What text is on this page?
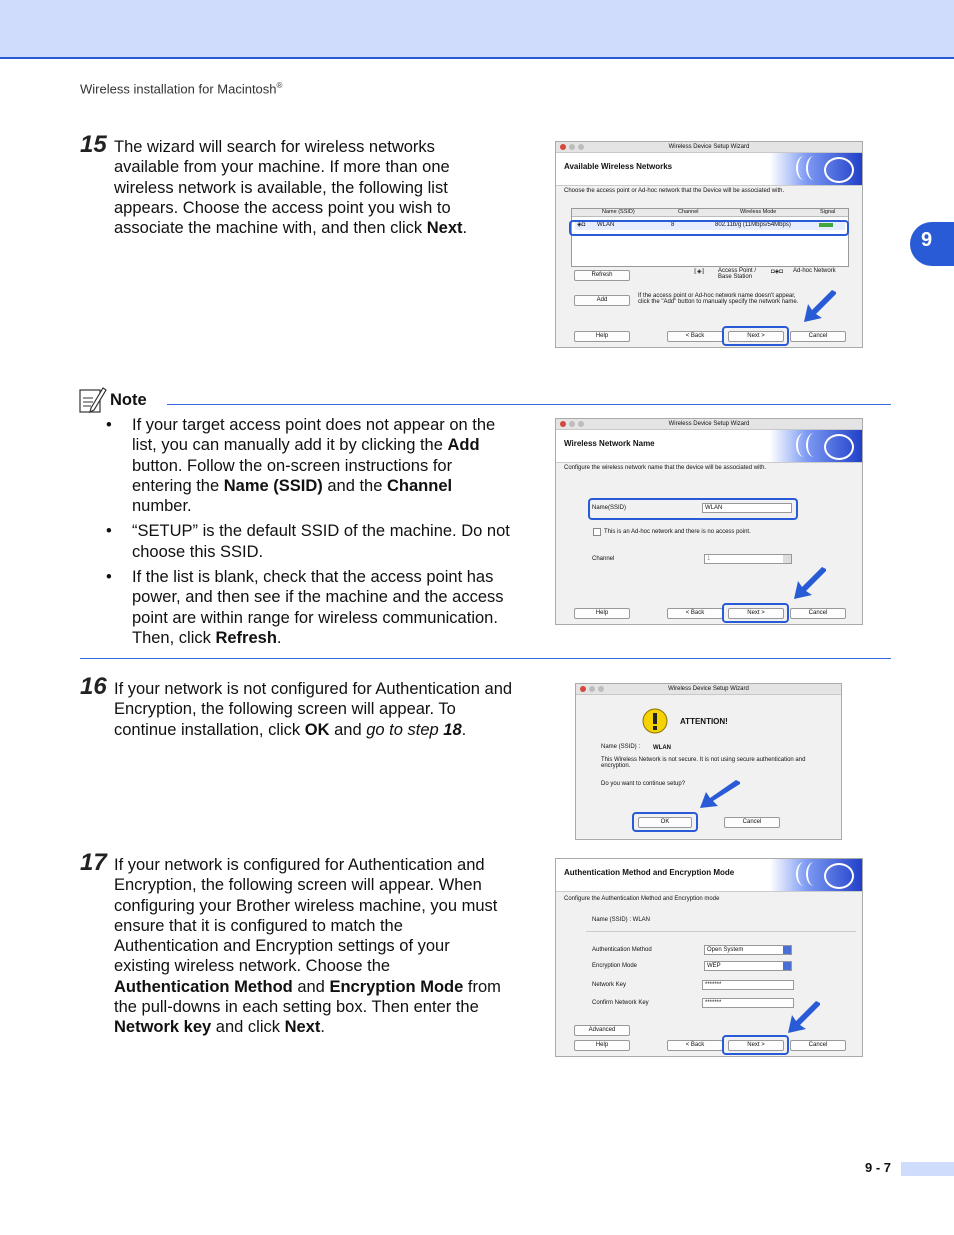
Wireless installation for Macintosh®
9
15 The wizard will search for wireless networks available from your machine. If more than one wireless network is available, the following list appears. Choose the access point you wish to associate the machine with, and then click Next.
Wireless Device Setup Wizard
Available Wireless Networks
Choose the access point or Ad-hoc network that the Device will be associated with.
Name (SSID)	Channel	Wireless Mode	Signal
◈◘ WLAN	8	802.11b/g (11Mbps/54Mbps)
Refresh	⟦◈⟧ Access Point / Base Station
◘◈◘ Ad-hoc Network
Add
If the access point or Ad-hoc network name doesn't appear, click the "Add" button to manually specify the network name.
Help	< Back	Next >	Cancel
Note
• If your target access point does not appear on the list, you can manually add it by clicking the Add button. Follow the on-screen instructions for entering the Name (SSID) and the Channel number.
• “SETUP” is the default SSID of the machine. Do not choose this SSID.
• If the list is blank, check that the access point has power, and then see if the machine and the access point are within range for wireless communication. Then, click Refresh.
Wireless Device Setup Wizard
Wireless Network Name
Configure the wireless network name that the device will be associated with.
Name(SSID)	WLAN
This is an Ad-hoc network and there is no access point.
Channel	1
Help	< Back	Next >	Cancel
16 If your network is not configured for Authentication and Encryption, the following screen will appear. To continue installation, click OK and go to step 18.
Wireless Device Setup Wizard
ATTENTION!
Name (SSID) : WLAN
This Wireless Network is not secure. It is not using secure authentication and encryption.
Do you want to continue setup?
OK	Cancel
17 If your network is configured for Authentication and Encryption, the following screen will appear. When configuring your Brother wireless machine, you must ensure that it is configured to match the Authentication and Encryption settings of your existing wireless network. Choose the Authentication Method and Encryption Mode from the pull-downs in each setting box. Then enter the Network key and click Next.
Authentication Method and Encryption Mode
Configure the Authentication Method and Encryption mode
Name (SSID) : WLAN
Authentication Method	Open System
Encryption Mode	WEP
Network Key	*******
Confirm Network Key	*******
Advanced
Help	< Back	Next >	Cancel
9 - 7
